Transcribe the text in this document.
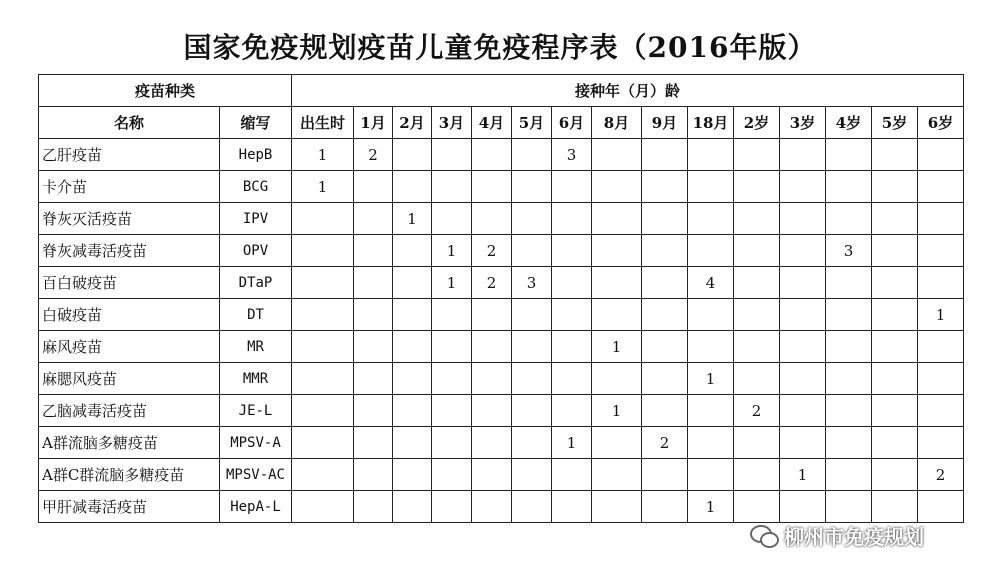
国家免疫规划疫苗儿童免疫程序表（2016年版）
疫苗种类		接种年（月）龄														
名称	缩写	出生时	1月	2月	3月	4月	5月	6月	8月	9月	18月	2岁	3岁	4岁	5岁	6岁
乙肝疫苗	HepB	1	2					3								
卡介苗	BCG	1														
脊灰灭活疫苗	IPV			1												
脊灰减毒活疫苗	OPV				1	2								3		
百白破疫苗	DTaP				1	2	3				4					
白破疫苗	DT															1
麻风疫苗	MR								1							
麻腮风疫苗	MMR										1					
乙脑减毒活疫苗	JE-L								1			2				
A群流脑多糖疫苗	MPSV-A							1		2						
A群C群流脑多糖疫苗	MPSV-AC												1			2
甲肝减毒活疫苗	HepA-L										1					
柳州市免疫规划
